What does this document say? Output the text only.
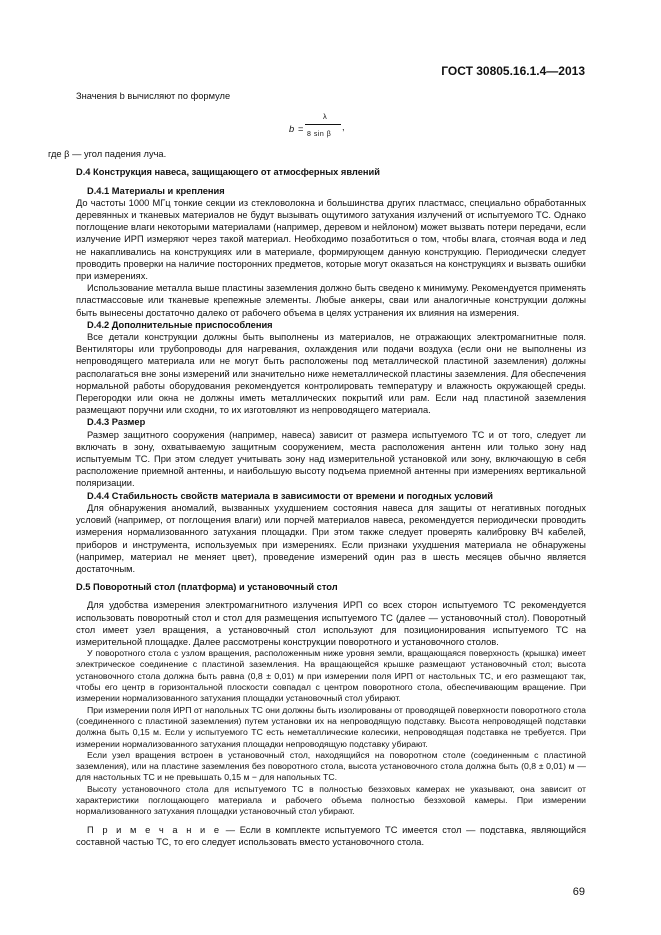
ГОСТ 30805.16.1.4—2013

Значения b вычисляют по формуле

b =
λ
8 sin β
,

где β — угол падения луча.

D.4 Конструкция навеса, защищающего от атмосферных явлений

D.4.1 Материалы и крепления

До частоты 1000 МГц тонкие секции из стекловолокна и большинства других пластмасс, специально обработанных деревянных и тканевых материалов не будут вызывать ощутимого затухания излучений от испытуемого ТС. Однако поглощение влаги некоторыми материалами (например, деревом и нейлоном) может вызвать потери передачи, если излучение ИРП измеряют через такой материал. Необходимо позаботиться о том, чтобы влага, стоячая вода и лед не накапливались на конструкциях или в материале, формирующем данную конструкцию. Периодически следует проводить проверки на наличие посторонних предметов, которые могут оказаться на конструкциях и вызвать ошибки при измерениях.

Использование металла выше пластины заземления должно быть сведено к минимуму. Рекомендуется применять пластмассовые или тканевые крепежные элементы. Любые анкеры, сваи или аналогичные конструкции должны быть вынесены достаточно далеко от рабочего объема в целях устранения их влияния на измерения.

D.4.2 Дополнительные приспособления

Все детали конструкции должны быть выполнены из материалов, не отражающих электромагнитные поля. Вентиляторы или трубопроводы для нагревания, охлаждения или подачи воздуха (если они не выполнены из непроводящего материала или не могут быть расположены под металлической пластиной заземления) должны располагаться вне зоны измерений или значительно ниже неметаллической пластины заземления. Для обеспечения нормальной работы оборудования рекомендуется контролировать температуру и влажность окружающей среды. Перегородки или окна не должны иметь металлических покрытий или рам. Если над пластиной заземления размещают поручни или сходни, то их изготовляют из непроводящего материала.

D.4.3 Размер

Размер защитного сооружения (например, навеса) зависит от размера испытуемого ТС и от того, следует ли включать в зону, охватываемую защитным сооружением, места расположения антенн или только зону над испытуемым ТС. При этом следует учитывать зону над измерительной установкой или зону, включающую в себя расположение приемной антенны, и наибольшую высоту подъема приемной антенны при измерениях вертикальной поляризации.

D.4.4 Стабильность свойств материала в зависимости от времени и погодных условий

Для обнаружения аномалий, вызванных ухудшением состояния навеса для защиты от негативных погодных условий (например, от поглощения влаги) или порчей материалов навеса, рекомендуется периодически проводить измерения нормализованного затухания площадки. При этом также следует проверять калибровку ВЧ кабелей, приборов и инструмента, используемых при измерениях. Если признаки ухудшения материала не обнаружены (например, материал не меняет цвет), проведение измерений один раз в шесть месяцев обычно является достаточным.

D.5 Поворотный стол (платформа) и установочный стол

Для удобства измерения электромагнитного излучения ИРП со всех сторон испытуемого ТС рекомендуется использовать поворотный стол и стол для размещения испытуемого ТС (далее — установочный стол). Поворотный стол имеет узел вращения, а установочный стол используют для позиционирования испытуемого ТС на измерительной площадке. Далее рассмотрены конструкции поворотного и установочного столов.

У поворотного стола с узлом вращения, расположенным ниже уровня земли, вращающаяся поверхность (крышка) имеет электрическое соединение с пластиной заземления. На вращающейся крышке размещают установочный стол; высота установочного стола должна быть равна (0,8 ± 0,01) м при измерении поля ИРП от настольных ТС, и его размещают так, чтобы его центр в горизонтальной плоскости совпадал с центром поворотного стола, обеспечивающим вращение. При измерении нормализованного затухания площадки установочный стол убирают.

При измерении поля ИРП от напольных ТС они должны быть изолированы от проводящей поверхности поворотного стола (соединенного с пластиной заземления) путем установки их на непроводящую подставку. Высота непроводящей подставки должна быть 0,15 м. Если у испытуемого ТС есть неметаллические колесики, непроводящая подставка не требуется. При измерении нормализованного затухания площадки непроводящую подставку убирают.

Если узел вращения встроен в установочный стол, находящийся на поворотном столе (соединенным с пластиной заземления), или на пластине заземления без поворотного стола, высота установочного стола должна быть (0,8 ± 0,01) м — для настольных ТС и не превышать 0,15 м − для напольных ТС.

Высоту установочного стола для испытуемого ТС в полностью безэховых камерах не указывают, она зависит от характеристики поглощающего материала и рабочего объема полностью безэховой камеры. При измерении нормализованного затухания площадки установочный стол убирают.

П р и м е ч а н и е — Если в комплекте испытуемого ТС имеется стол — подставка, являющийся составной частью ТС, то его следует использовать вместо установочного стола.

69
